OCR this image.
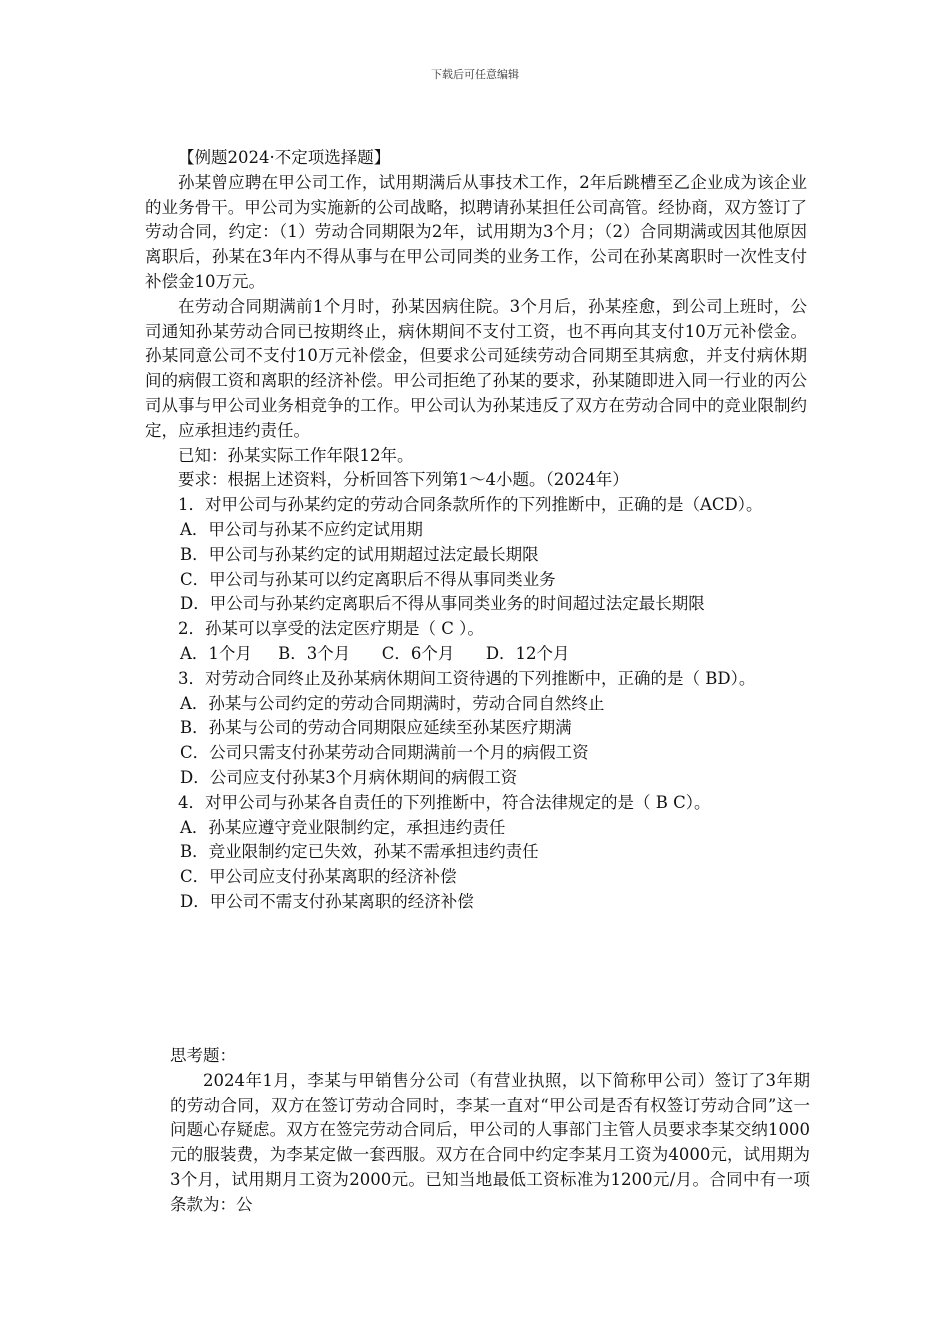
下载后可任意编辑

【例题2024·不定项选择题】

孙某曾应聘在甲公司工作，试用期满后从事技术工作，2年后跳槽至乙企业成为该企业的业务骨干。甲公司为实施新的公司战略，拟聘请孙某担任公司高管。经协商，双方签订了劳动合同，约定：（1）劳动合同期限为2年，试用期为3个月；（2）合同期满或因其他原因离职后，孙某在3年内不得从事与在甲公司同类的业务工作，公司在孙某离职时一次性支付补偿金10万元。

在劳动合同期满前1个月时，孙某因病住院。3个月后，孙某痊愈，到公司上班时，公司通知孙某劳动合同已按期终止，病休期间不支付工资，也不再向其支付10万元补偿金。孙某同意公司不支付10万元补偿金，但要求公司延续劳动合同期至其病愈，并支付病休期间的病假工资和离职的经济补偿。甲公司拒绝了孙某的要求，孙某随即进入同一行业的丙公司从事与甲公司业务相竞争的工作。甲公司认为孙某违反了双方在劳动合同中的竞业限制约定，应承担违约责任。

已知：孙某实际工作年限12年。

要求：根据上述资料，分析回答下列第1～4小题。（2024年）

1．对甲公司与孙某约定的劳动合同条款所作的下列推断中，正确的是（ACD）。

A．甲公司与孙某不应约定试用期

B．甲公司与孙某约定的试用期超过法定最长期限

C．甲公司与孙某可以约定离职后不得从事同类业务

D．甲公司与孙某约定离职后不得从事同类业务的时间超过法定最长期限

2．孙某可以享受的法定医疗期是（ C ）。

A．1个月     B．3个月      C．6个月      D．12个月

3．对劳动合同终止及孙某病休期间工资待遇的下列推断中，正确的是（ BD）。

A．孙某与公司约定的劳动合同期满时，劳动合同自然终止

B．孙某与公司的劳动合同期限应延续至孙某医疗期满

C．公司只需支付孙某劳动合同期满前一个月的病假工资

D．公司应支付孙某3个月病休期间的病假工资

4．对甲公司与孙某各自责任的下列推断中，符合法律规定的是（ B C）。

A．孙某应遵守竞业限制约定，承担违约责任

B．竞业限制约定已失效，孙某不需承担违约责任

C．甲公司应支付孙某离职的经济补偿

D．甲公司不需支付孙某离职的经济补偿

思考题：

2024年1月，李某与甲销售分公司（有营业执照，以下简称甲公司）签订了3年期的劳动合同，双方在签订劳动合同时，李某一直对“甲公司是否有权签订劳动合同”这一问题心存疑虑。双方在签完劳动合同后，甲公司的人事部门主管人员要求李某交纳1000元的服装费，为李某定做一套西服。双方在合同中约定李某月工资为4000元，试用期为3个月，试用期月工资为2000元。已知当地最低工资标准为1200元/月。合同中有一项条款为：公
